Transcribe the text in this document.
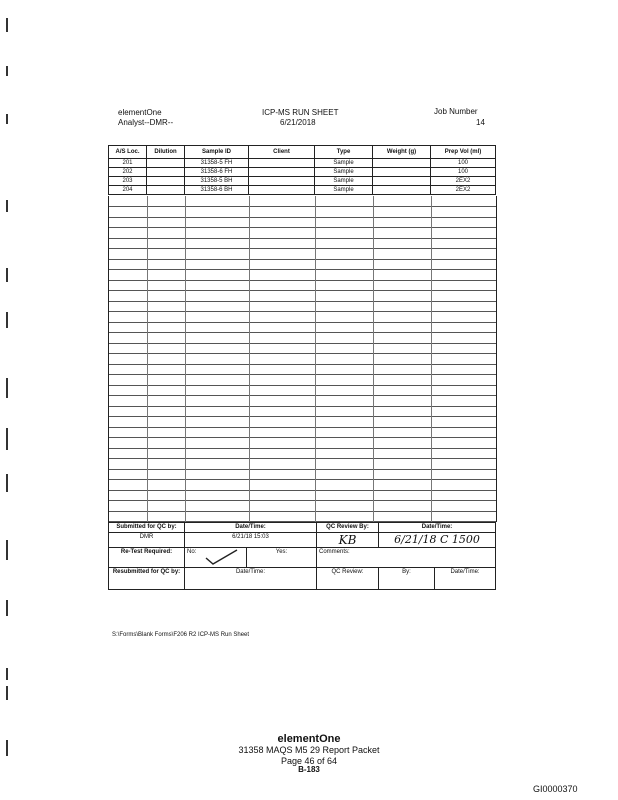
elementOne
Analyst--DMR--
ICP-MS RUN SHEET
6/21/2018
Job Number
14
A/S Loc.	Dilution	Sample ID	Client	Type	Weight (g)	Prep Vol (ml)
201		31358-5 FH		Sample		100
202		31358-6 FH		Sample		100
203		31358-5 BH		Sample		2EX2
204		31358-6 BH		Sample		2EX2
Submitted for QC by:	Date/Time:		QC Review By:	Date/Time:	
DMR	6/21/18 15:03		KB	6/21/18 C 1500	
Re-Test Required:	No:	Yes:	Comments:		
Resubmitted for QC by:	Date/Time:		QC Review:	By:	Date/Time:
S:\Forms\Blank Forms\F206 R2 ICP-MS Run Sheet
elementOne
31358 MAQS M5 29 Report Packet
Page 46 of 64
B-183
GI0000370
